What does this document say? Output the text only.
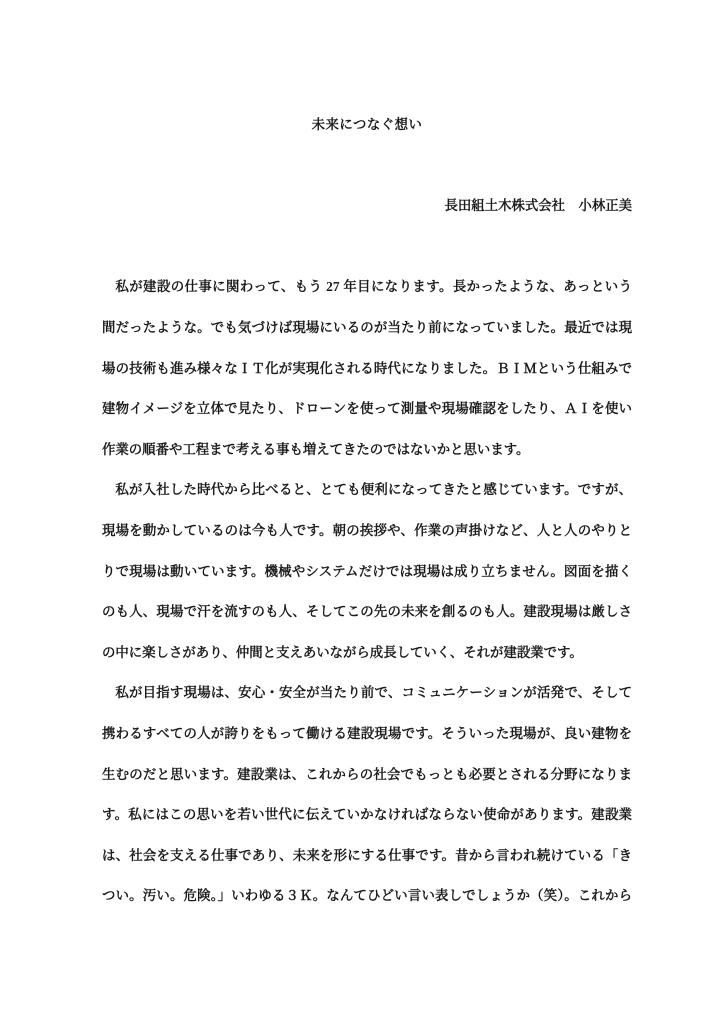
未来につなぐ想い
長田組土木株式会社　小林正美
私が建設の仕事に関わって、もう 27 年目になります。長かったような、あっという
間だったような。でも気づけば現場にいるのが当たり前になっていました。最近では現
場の技術も進み様々なＩＴ化が実現化される時代になりました。ＢＩＭという仕組みで
建物イメージを立体で見たり、ドローンを使って測量や現場確認をしたり、ＡＩを使い
作業の順番や工程まで考える事も増えてきたのではないかと思います。
私が入社した時代から比べると、とても便利になってきたと感じています。ですが、
現場を動かしているのは今も人です。朝の挨拶や、作業の声掛けなど、人と人のやりと
りで現場は動いています。機械やシステムだけでは現場は成り立ちません。図面を描く
のも人、現場で汗を流すのも人、そしてこの先の未来を創るのも人。建設現場は厳しさ
の中に楽しさがあり、仲間と支えあいながら成長していく、それが建設業です。
私が目指す現場は、安心・安全が当たり前で、コミュニケーションが活発で、そして
携わるすべての人が誇りをもって働ける建設現場です。そういった現場が、良い建物を
生むのだと思います。建設業は、これからの社会でもっとも必要とされる分野になりま
す。私にはこの思いを若い世代に伝えていかなければならない使命があります。建設業
は、社会を支える仕事であり、未来を形にする仕事です。昔から言われ続けている「き
つい。汚い。危険。」いわゆる３Ｋ。なんてひどい言い表しでしょうか（笑）。これから
